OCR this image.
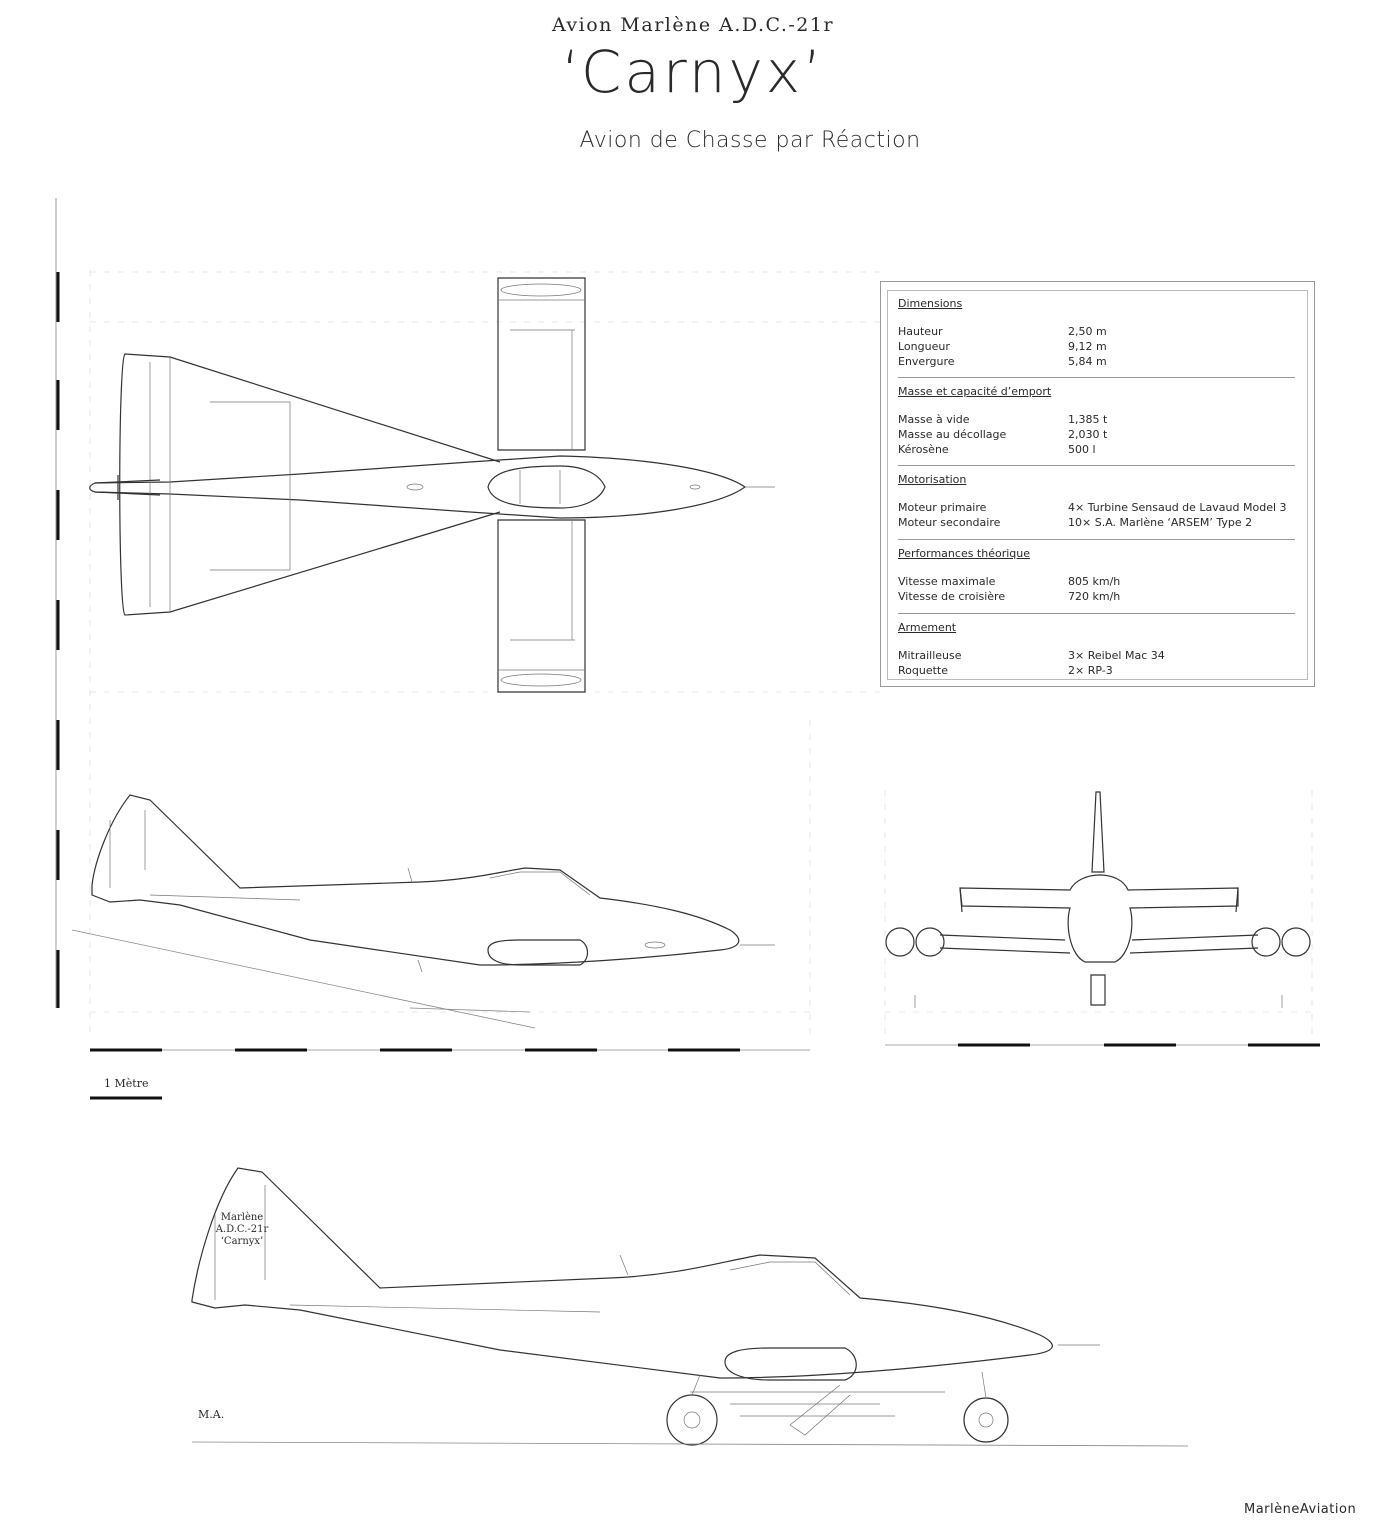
Avion Marlène A.D.C.-21r
‘Carnyx’
Avion de Chasse par Réaction
Dimensions
Hauteur	2,50 m
Longueur	9,12 m
Envergure	5,84 m
Masse et capacité d’emport
Masse à vide	1,385 t
Masse au décollage	2,030 t
Kérosène	500 l
Motorisation
Moteur primaire	4× Turbine Sensaud de Lavaud Model 3
Moteur secondaire	10× S.A. Marlène ‘ARSEM’ Type 2
Performances théorique
Vitesse maximale	805 km/h
Vitesse de croisière	720 km/h
Armement
Mitrailleuse	3× Reibel Mac 34
Roquette	2× RP-3
1 Mètre
Marlène
A.D.C.-21r
‘Carnyx’
M.A.
MarlèneAviation
